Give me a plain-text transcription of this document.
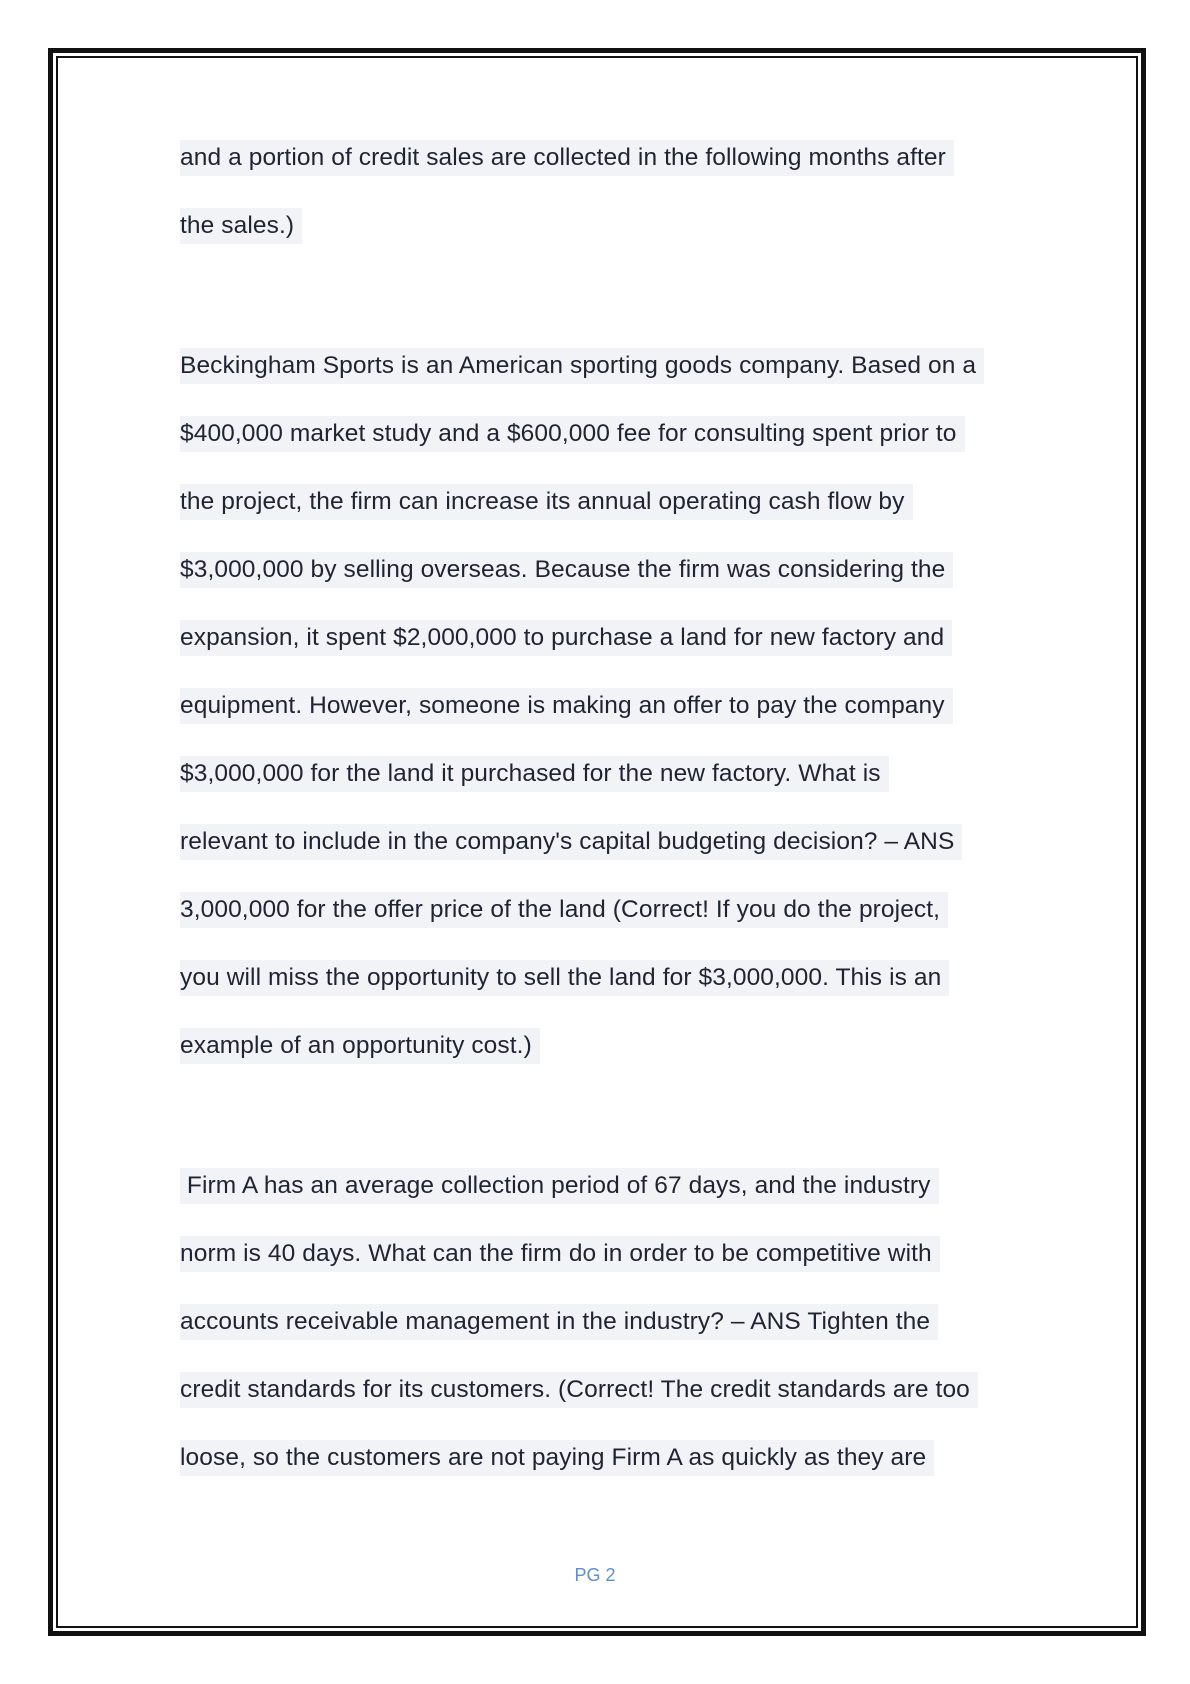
and a portion of credit sales are collected in the following months after
the sales.)
Beckingham Sports is an American sporting goods company. Based on a
$400,000 market study and a $600,000 fee for consulting spent prior to
the project, the firm can increase its annual operating cash flow by
$3,000,000 by selling overseas. Because the firm was considering the
expansion, it spent $2,000,000 to purchase a land for new factory and
equipment. However, someone is making an offer to pay the company
$3,000,000 for the land it purchased for the new factory. What is
relevant to include in the company's capital budgeting decision? – ANS
3,000,000 for the offer price of the land (Correct! If you do the project,
you will miss the opportunity to sell the land for $3,000,000. This is an
example of an opportunity cost.)
Firm A has an average collection period of 67 days, and the industry
norm is 40 days. What can the firm do in order to be competitive with
accounts receivable management in the industry? – ANS Tighten the
credit standards for its customers. (Correct! The credit standards are too
loose, so the customers are not paying Firm A as quickly as they are
PG 2
